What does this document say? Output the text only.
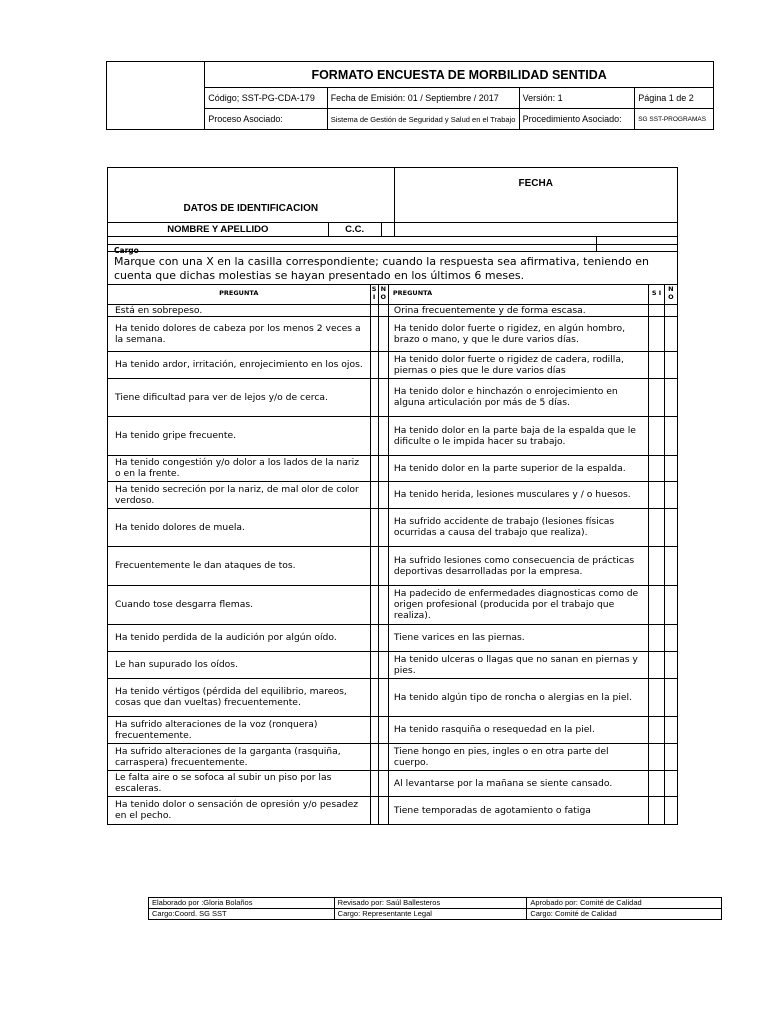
	FORMATO ENCUESTA DE MORBILIDAD SENTIDA			
	Código; SST-PG-CDA-179	Fecha de Emisión: 01 / Septiembre / 2017	Versión: 1	Página 1 de 2
	Proceso Asociado:	Sistema de Gestión de Seguridad y Salud en el Trabajo	Procedimiento Asociado:	SG SST-PROGRAMAS
DATOS DE IDENTIFICACION			FECHA	
NOMBRE Y APELLIDO	C.C.			

Cargo
Marque con una X en la casilla correspondiente; cuando la respuesta sea afirmativa, teniendo en cuenta que dichas molestias se hayan presentado en los últimos 6 meses.					

PREGUNTA	S I	N O	PREGUNTA	S I	N O
Está en sobrepeso.			Orina frecuentemente y de forma escasa.		
Ha tenido dolores de cabeza por los menos 2 veces a la semana.			Ha tenido dolor fuerte o rigidez, en algún hombro, brazo o mano, y que le dure varios días.		
Ha tenido ardor, irritación, enrojecimiento en los ojos.			Ha tenido dolor fuerte o rigidez de cadera, rodilla, piernas o pies que le dure varios días		
Tiene dificultad para ver de lejos y/o de cerca.			Ha tenido dolor e hinchazón o enrojecimiento en alguna articulación por más de 5 días.		
Ha tenido gripe frecuente.			Ha tenido dolor en la parte baja de la espalda que le dificulte o le impida hacer su trabajo.		
Ha tenido congestión y/o dolor a los lados de la nariz o en la frente.			Ha tenido dolor en la parte superior de la espalda.		
Ha tenido secreción por la nariz, de mal olor de color verdoso.			Ha tenido herida, lesiones musculares y / o huesos.		
Ha tenido dolores de muela.			Ha sufrido accidente de trabajo (lesiones físicas ocurridas a causa del trabajo que realiza).		
Frecuentemente le dan ataques de tos.			Ha sufrido lesiones como consecuencia de prácticas deportivas desarrolladas por la empresa.		
Cuando tose desgarra flemas.			Ha padecido de enfermedades diagnosticas como de origen profesional (producida por el trabajo que realiza).		
Ha tenido perdida de la audición por algún oído.			Tiene varices en las piernas.		
Le han supurado los oídos.			Ha tenido ulceras o llagas que no sanan en piernas y pies.		
Ha tenido vértigos (pérdida del equilibrio, mareos, cosas que dan vueltas) frecuentemente.			Ha tenido algún tipo de roncha o alergias en la piel.		
Ha sufrido alteraciones de la voz (ronquera) frecuentemente.			Ha tenido rasquiña o resequedad en la piel.		
Ha sufrido alteraciones de la garganta (rasquiña, carraspera) frecuentemente.			Tiene hongo en pies, ingles o en otra parte del cuerpo.		
Le falta aire o se sofoca al subir un piso por las escaleras.			Al levantarse por la mañana se siente cansado.		
Ha tenido dolor o sensación de opresión y/o pesadez en el pecho.			Tiene temporadas de agotamiento o fatiga		
Elaborado por :Gloria Bolaños	Revisado por: Saúl Ballesteros	Aprobado por: Comité de Calidad
Cargo:Coord. SG SST	Cargo: Representante Legal	Cargo: Comité de Calidad
